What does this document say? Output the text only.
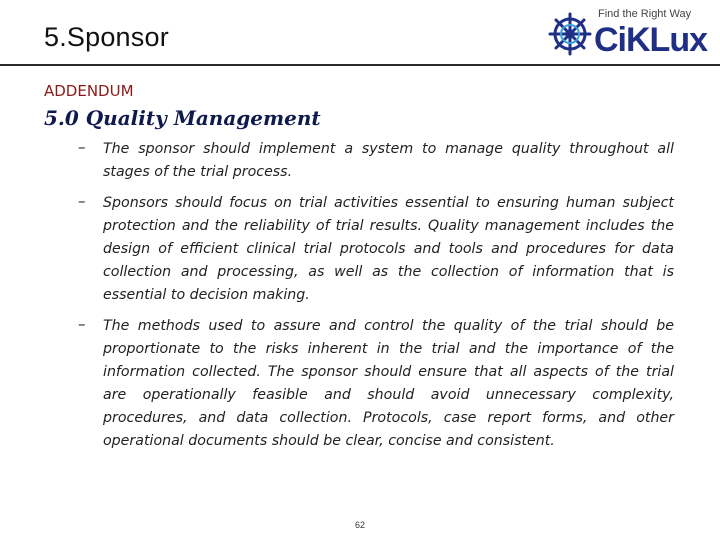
5.Sponsor
Find the Right Way
CiKLux
ADDENDUM
5.0 Quality Management
– The sponsor should implement a system to manage quality throughout all stages of the trial process.
– Sponsors should focus on trial activities essential to ensuring human subject protection and the reliability of trial results. Quality management includes the design of efficient clinical trial protocols and tools and procedures for data collection and processing, as well as the collection of information that is essential to decision making.
– The methods used to assure and control the quality of the trial should be proportionate to the risks inherent in the trial and the importance of the information collected. The sponsor should ensure that all aspects of the trial are operationally feasible and should avoid unnecessary complexity, procedures, and data collection. Protocols, case report forms, and other operational documents should be clear, concise and consistent.
62
